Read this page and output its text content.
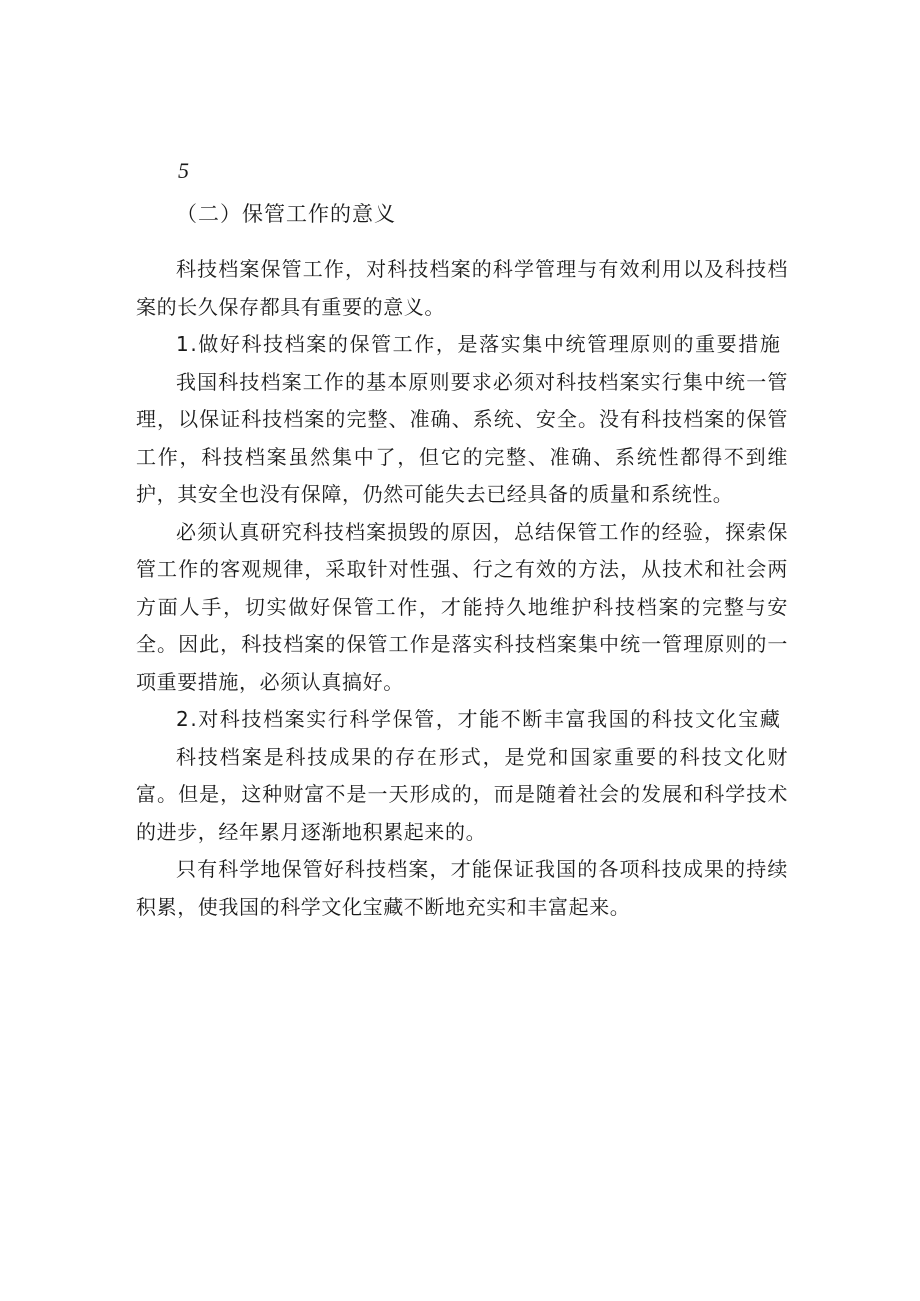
5
（二）保管工作的意义

科技档案保管工作，对科技档案的科学管理与有效利用以及科技档案的长久保存都具有重要的意义。

1.做好科技档案的保管工作，是落实集中统管理原则的重要措施

我国科技档案工作的基本原则要求必须对科技档案实行集中统一管理，以保证科技档案的完整、准确、系统、安全。没有科技档案的保管工作，科技档案虽然集中了，但它的完整、准确、系统性都得不到维护，其安全也没有保障，仍然可能失去已经具备的质量和系统性。

必须认真研究科技档案损毁的原因，总结保管工作的经验，探索保管工作的客观规律，采取针对性强、行之有效的方法，从技术和社会两方面人手，切实做好保管工作，才能持久地维护科技档案的完整与安全。因此，科技档案的保管工作是落实科技档案集中统一管理原则的一项重要措施，必须认真搞好。

2.对科技档案实行科学保管，才能不断丰富我国的科技文化宝藏

科技档案是科技成果的存在形式，是党和国家重要的科技文化财富。但是，这种财富不是一天形成的，而是随着社会的发展和科学技术的进步，经年累月逐渐地积累起来的。

只有科学地保管好科技档案，才能保证我国的各项科技成果的持续积累，使我国的科学文化宝藏不断地充实和丰富起来。
